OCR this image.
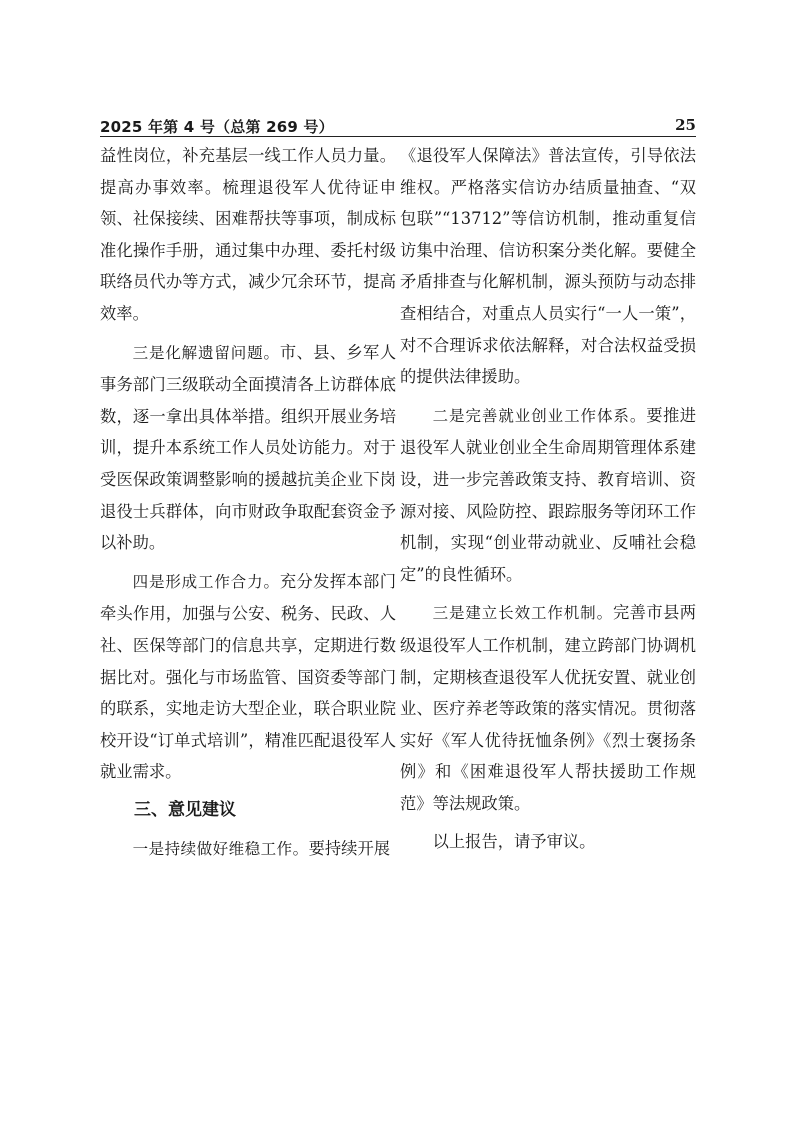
2025 年第 4 号（总第 269 号）	25

益性岗位，补充基层一线工作人员力量。提高办事效率。梳理退役军人优待证申领、社保接续、困难帮扶等事项，制成标准化操作手册，通过集中办理、委托村级联络员代办等方式，减少冗余环节，提高效率。

三是化解遗留问题。市、县、乡军人事务部门三级联动全面摸清各上访群体底数，逐一拿出具体举措。组织开展业务培训，提升本系统工作人员处访能力。对于受医保政策调整影响的援越抗美企业下岗退役士兵群体，向市财政争取配套资金予以补助。

四是形成工作合力。充分发挥本部门牵头作用，加强与公安、税务、民政、人社、医保等部门的信息共享，定期进行数据比对。强化与市场监管、国资委等部门的联系，实地走访大型企业，联合职业院校开设“订单式培训”，精准匹配退役军人就业需求。

三、意见建议

一是持续做好维稳工作。要持续开展

《退役军人保障法》普法宣传，引导依法维权。严格落实信访办结质量抽查、“双包联”“13712”等信访机制，推动重复信访集中治理、信访积案分类化解。要健全矛盾排查与化解机制，源头预防与动态排查相结合，对重点人员实行“一人一策”，对不合理诉求依法解释，对合法权益受损的提供法律援助。

二是完善就业创业工作体系。要推进退役军人就业创业全生命周期管理体系建设，进一步完善政策支持、教育培训、资源对接、风险防控、跟踪服务等闭环工作机制，实现“创业带动就业、反哺社会稳定”的良性循环。

三是建立长效工作机制。完善市县两级退役军人工作机制，建立跨部门协调机制，定期核查退役军人优抚安置、就业创业、医疗养老等政策的落实情况。贯彻落实好《军人优待抚恤条例》《烈士褒扬条例》和《困难退役军人帮扶援助工作规范》等法规政策。

以上报告，请予审议。
